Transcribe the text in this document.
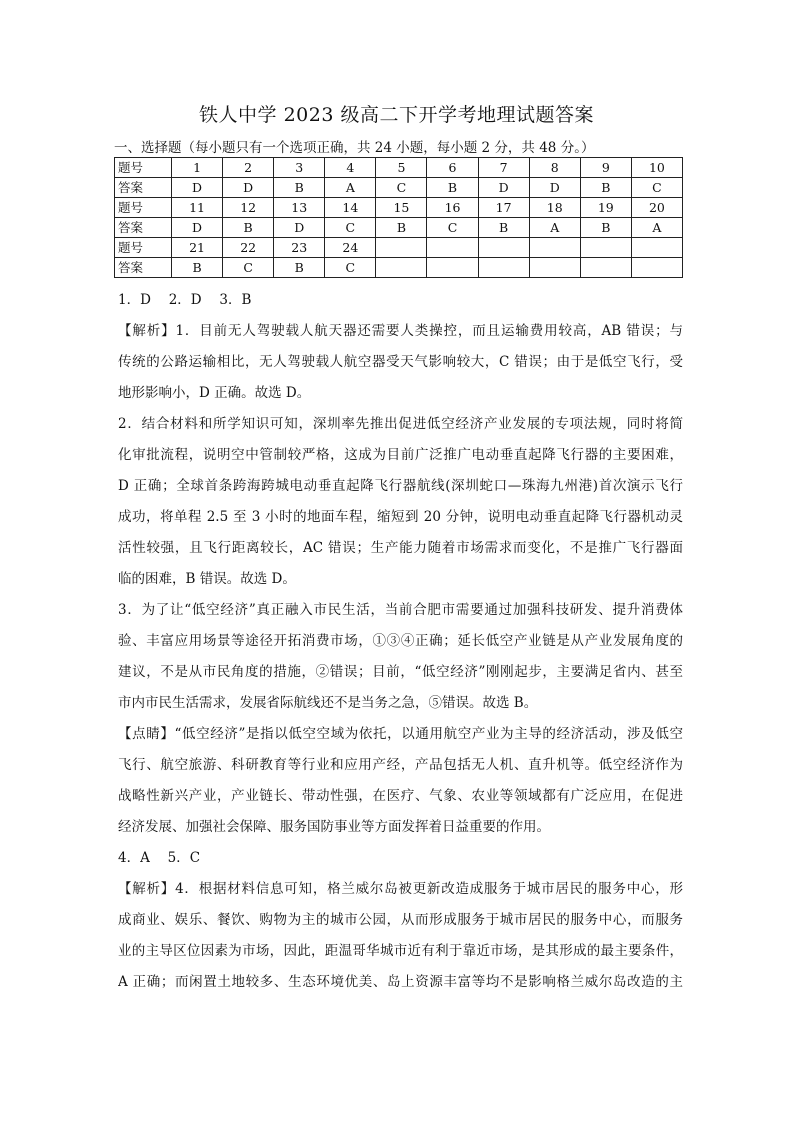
铁人中学 2023 级高二下开学考地理试题答案
一、选择题（每小题只有一个选项正确，共 24 小题，每小题 2 分，共 48 分。）
题号	1	2	3	4	5	6	7	8	9	10
答案	D	D	B	A	C	B	D	D	B	C
题号	11	12	13	14	15	16	17	18	19	20
答案	D	B	D	C	B	C	B	A	B	A
题号	21	22	23	24						
答案	B	C	B	C						
1．D　 2．D　 3．B
【解析】1．目前无人驾驶载人航天器还需要人类操控，而且运输费用较高，AB 错误；与
传统的公路运输相比，无人驾驶载人航空器受天气影响较大，C 错误；由于是低空飞行，受
地形影响小，D 正确。故选 D。
2．结合材料和所学知识可知，深圳率先推出促进低空经济产业发展的专项法规，同时将简
化审批流程，说明空中管制较严格，这成为目前广泛推广电动垂直起降飞行器的主要困难，
D 正确；全球首条跨海跨城电动垂直起降飞行器航线(深圳蛇口—珠海九州港)首次演示飞行
成功，将单程 2.5 至 3 小时的地面车程，缩短到 20 分钟，说明电动垂直起降飞行器机动灵
活性较强，且飞行距离较长，AC 错误；生产能力随着市场需求而变化，不是推广飞行器面
临的困难，B 错误。故选 D。
3．为了让“低空经济”真正融入市民生活，当前合肥市需要通过加强科技研发、提升消费体
验、丰富应用场景等途径开拓消费市场，①③④正确；延长低空产业链是从产业发展角度的
建议，不是从市民角度的措施，②错误；目前，“低空经济”刚刚起步，主要满足省内、甚至
市内市民生活需求，发展省际航线还不是当务之急，⑤错误。故选 B。
【点睛】“低空经济”是指以低空空域为依托，以通用航空产业为主导的经济活动，涉及低空
飞行、航空旅游、科研教育等行业和应用产经，产品包括无人机、直升机等。低空经济作为
战略性新兴产业，产业链长、带动性强，在医疗、气象、农业等领域都有广泛应用，在促进
经济发展、加强社会保障、服务国防事业等方面发挥着日益重要的作用。
4．A　 5．C
【解析】4．根据材料信息可知，格兰威尔岛被更新改造成服务于城市居民的服务中心，形
成商业、娱乐、餐饮、购物为主的城市公园，从而形成服务于城市居民的服务中心，而服务
业的主导区位因素为市场，因此，距温哥华城市近有利于靠近市场，是其形成的最主要条件，
A 正确；而闲置土地较多、生态环境优美、岛上资源丰富等均不是影响格兰威尔岛改造的主
